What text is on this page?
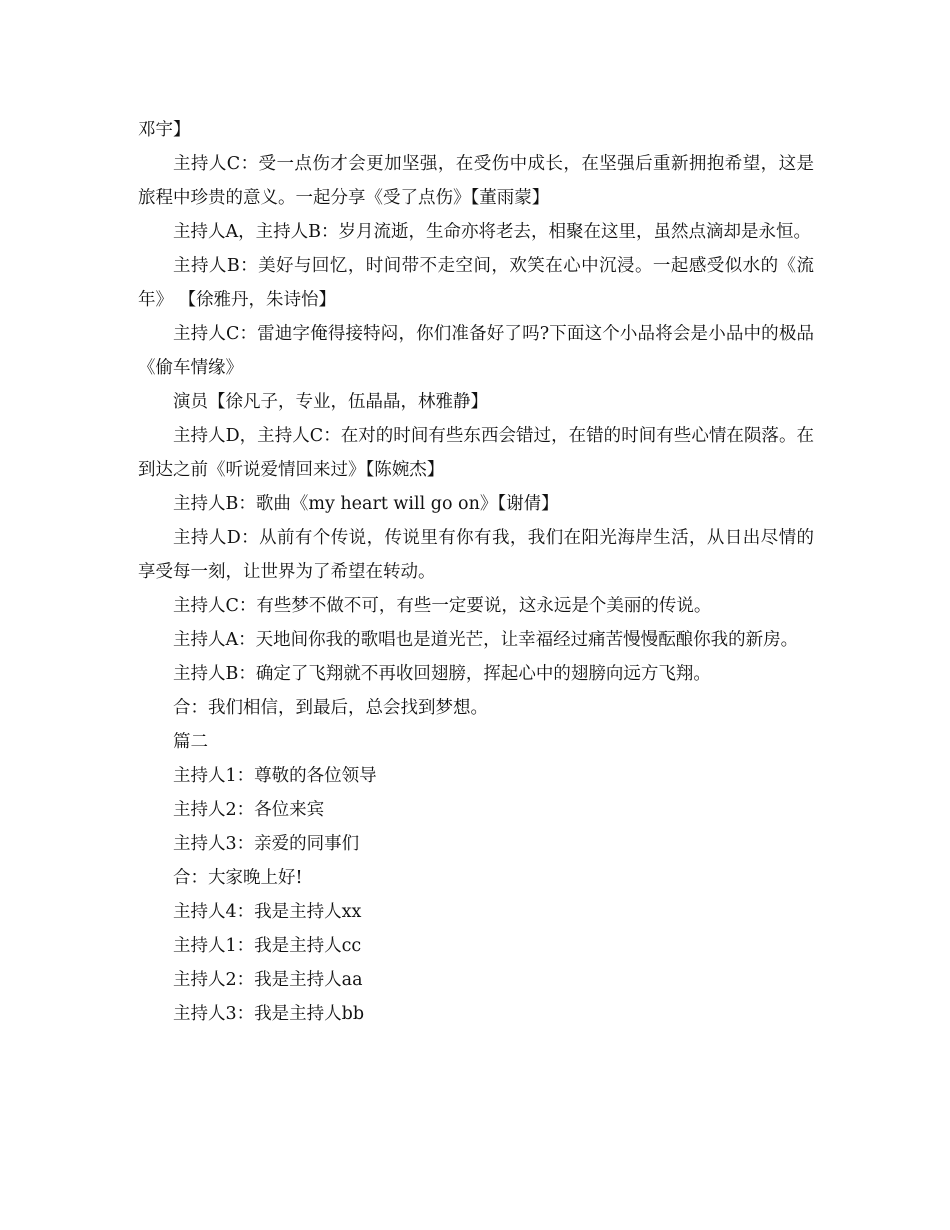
邓宇】

主持人C：受一点伤才会更加坚强，在受伤中成长，在坚强后重新拥抱希望，这是旅程中珍贵的意义。一起分享《受了点伤》【董雨蒙】

主持人A，主持人B：岁月流逝，生命亦将老去，相聚在这里，虽然点滴却是永恒。

主持人B：美好与回忆，时间带不走空间，欢笑在心中沉浸。一起感受似水的《流年》 【徐雅丹，朱诗怡】

主持人C：雷迪字俺得接特闷，你们准备好了吗?下面这个小品将会是小品中的极品《偷车情缘》

演员【徐凡子，专业，伍晶晶，林雅静】

主持人D，主持人C：在对的时间有些东西会错过，在错的时间有些心情在陨落。在到达之前《听说爱情回来过》【陈婉杰】

主持人B：歌曲《my heart will go on》【谢倩】

主持人D：从前有个传说，传说里有你有我，我们在阳光海岸生活，从日出尽情的享受每一刻，让世界为了希望在转动。

主持人C：有些梦不做不可，有些一定要说，这永远是个美丽的传说。

主持人A：天地间你我的歌唱也是道光芒，让幸福经过痛苦慢慢酝酿你我的新房。

主持人B：确定了飞翔就不再收回翅膀，挥起心中的翅膀向远方飞翔。

合：我们相信，到最后，总会找到梦想。

篇二

主持人1：尊敬的各位领导

主持人2：各位来宾

主持人3：亲爱的同事们

合：大家晚上好!

主持人4：我是主持人xx

主持人1：我是主持人cc

主持人2：我是主持人aa

主持人3：我是主持人bb
